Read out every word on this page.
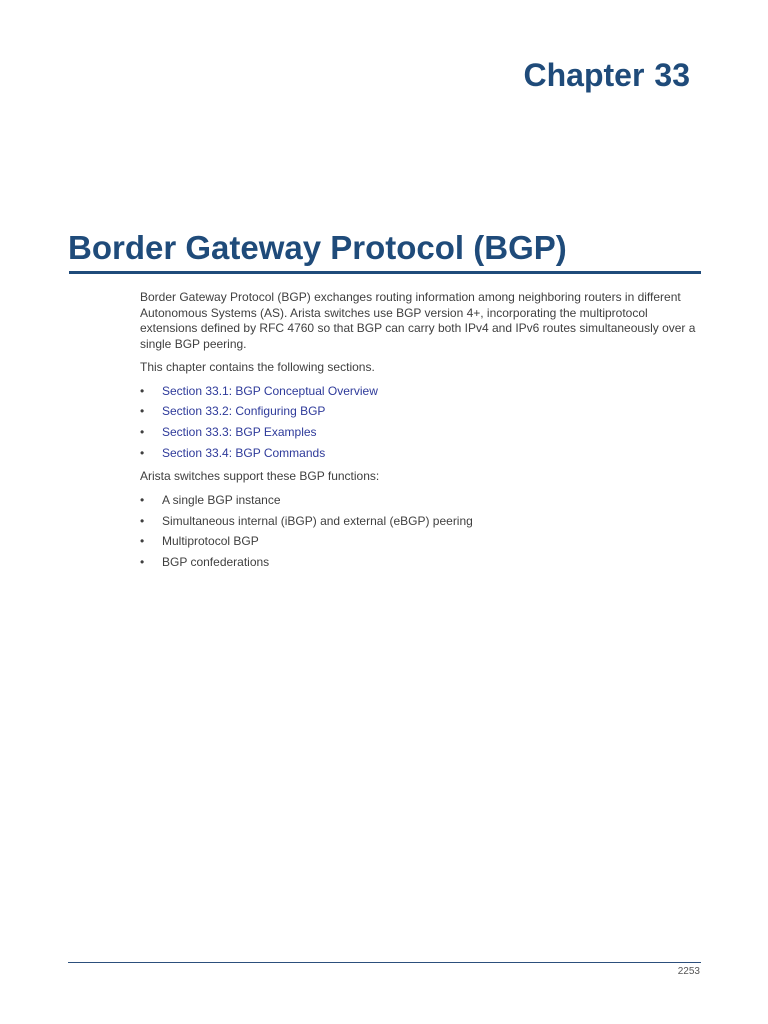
Chapter 33
Border Gateway Protocol (BGP)

Border Gateway Protocol (BGP) exchanges routing information among neighboring routers in different Autonomous Systems (AS). Arista switches use BGP version 4+, incorporating the multiprotocol extensions defined by RFC 4760 so that BGP can carry both IPv4 and IPv6 routes simultaneously over a single BGP peering.

This chapter contains the following sections.

• Section 33.1: BGP Conceptual Overview
• Section 33.2: Configuring BGP
• Section 33.3: BGP Examples
• Section 33.4: BGP Commands

Arista switches support these BGP functions:

• A single BGP instance
• Simultaneous internal (iBGP) and external (eBGP) peering
• Multiprotocol BGP
• BGP confederations
2253
